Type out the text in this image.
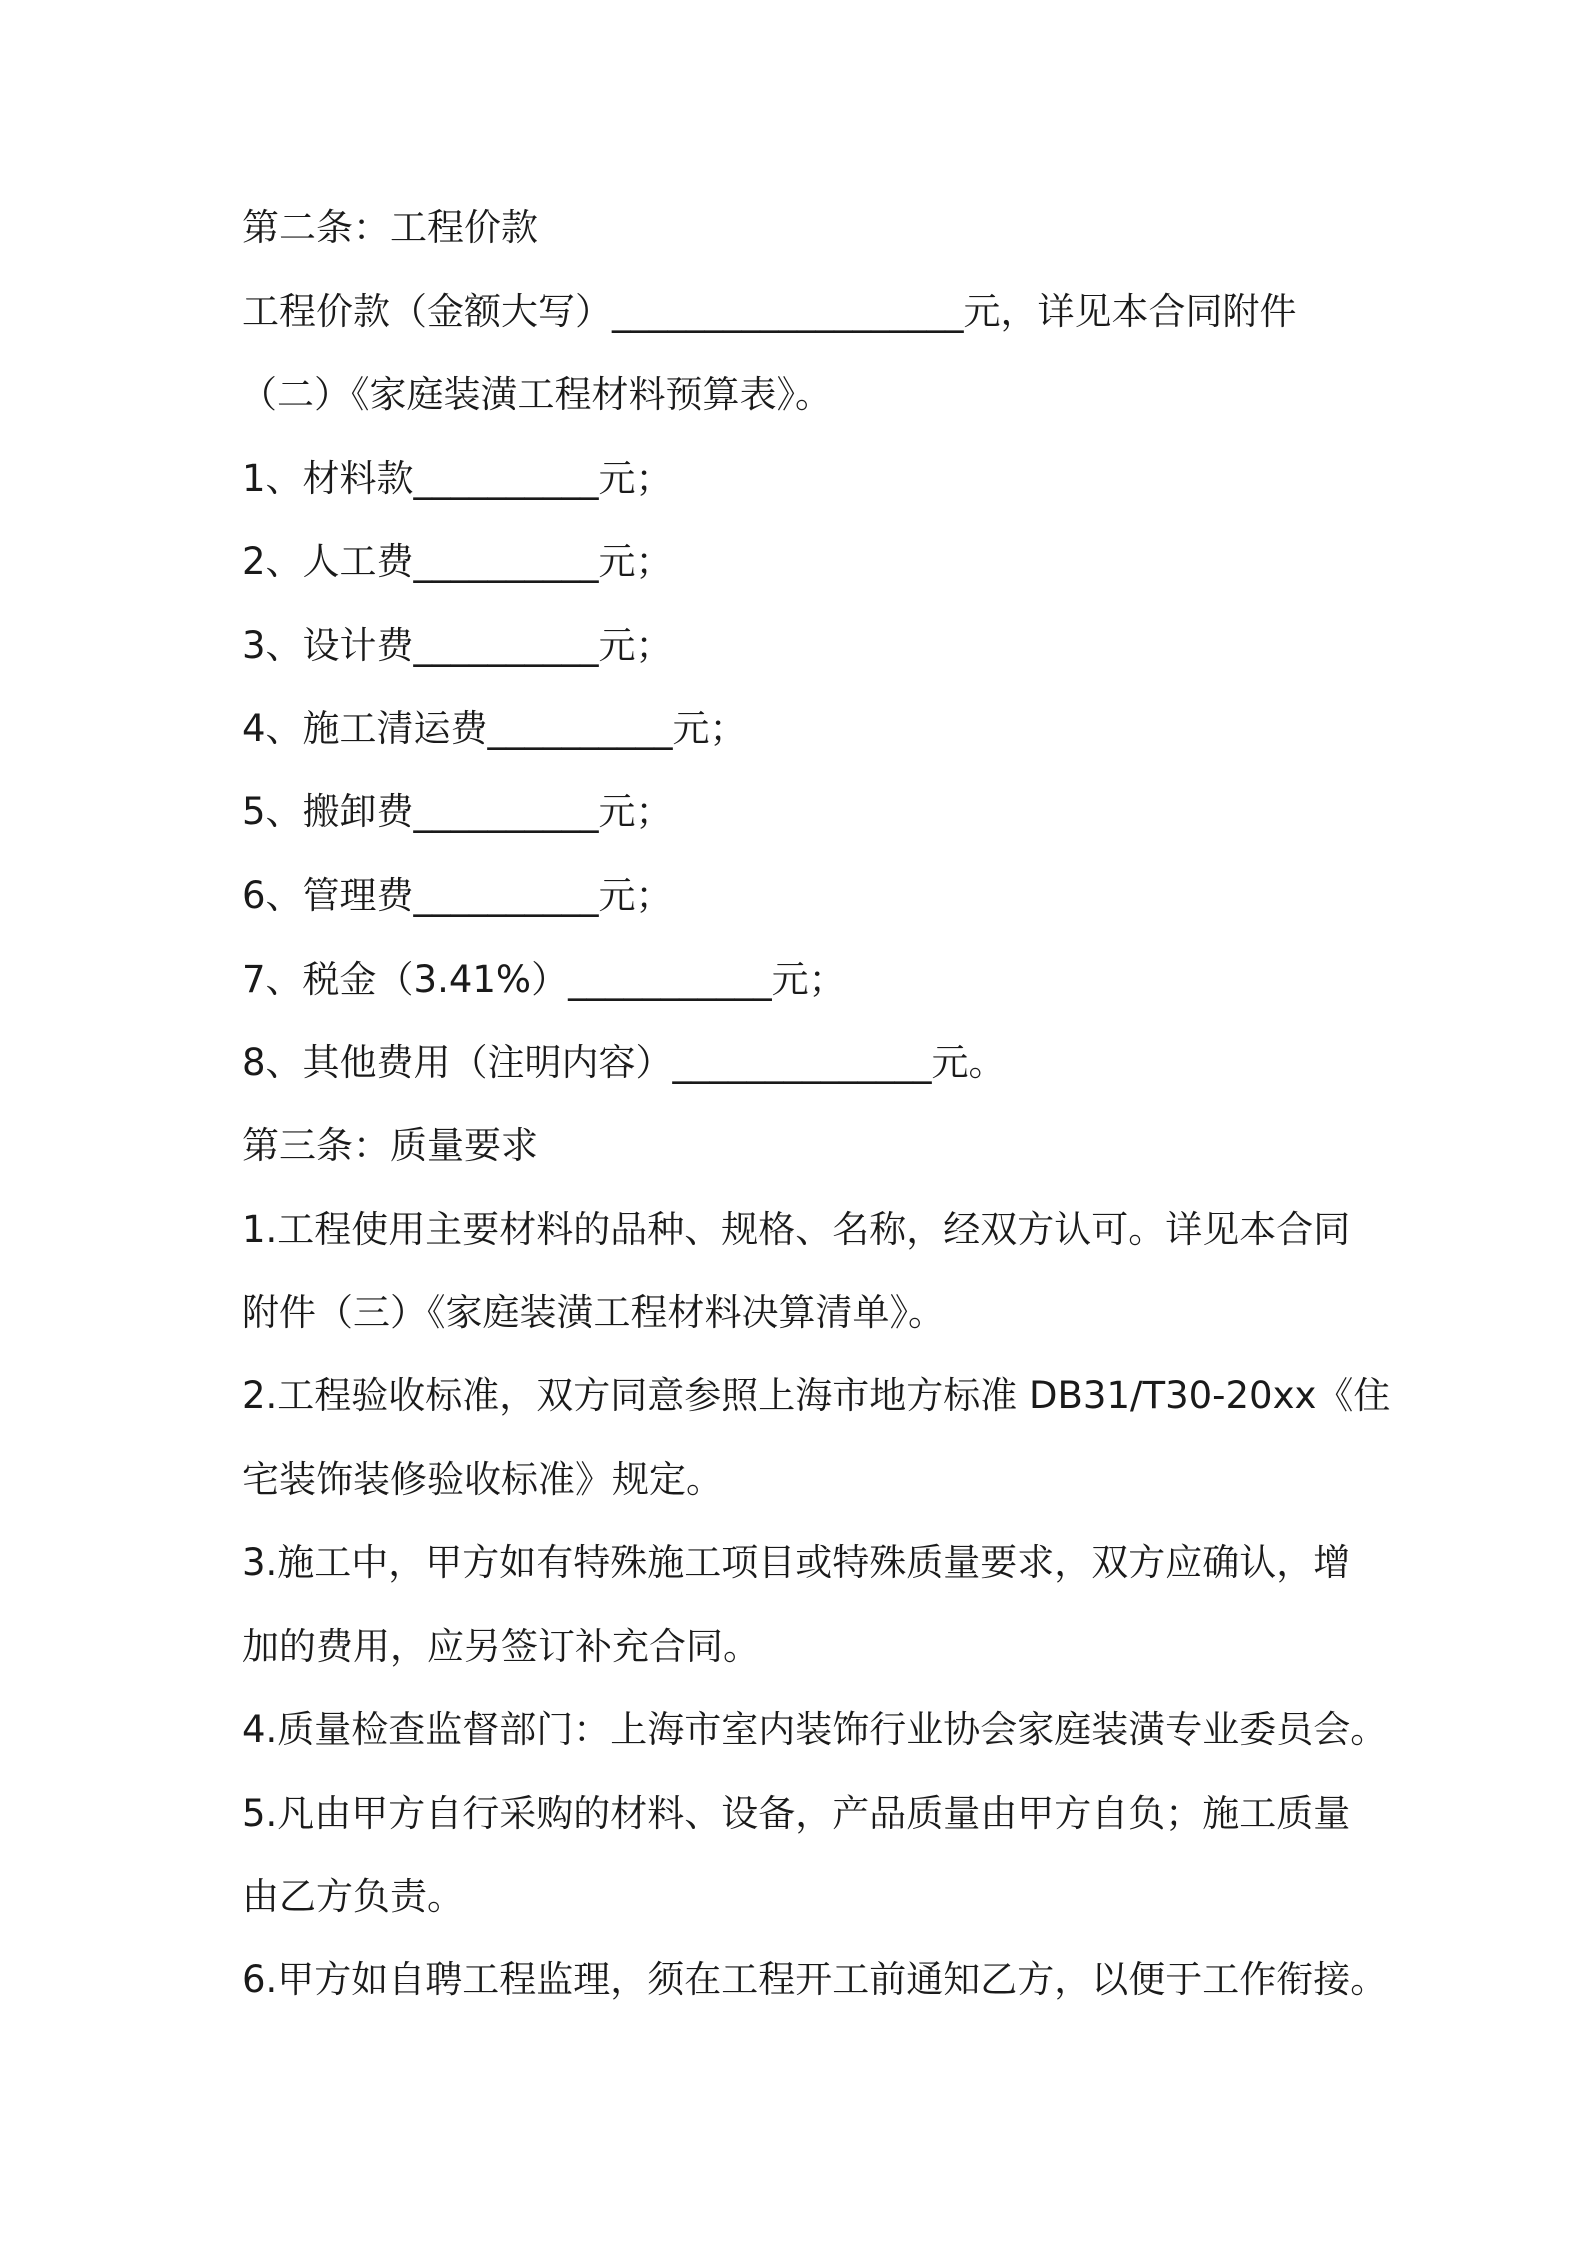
第二条：工程价款
工程价款（金额大写）___________________元，详见本合同附件
（二）《家庭装潢工程材料预算表》。
1、材料款__________元；
2、人工费__________元；
3、设计费__________元；
4、施工清运费__________元；
5、搬卸费__________元；
6、管理费__________元；
7、税金（3.41%）___________元；
8、其他费用（注明内容）______________元。
第三条：质量要求
1.工程使用主要材料的品种、规格、名称，经双方认可。详见本合同
附件（三）《家庭装潢工程材料决算清单》。
2.工程验收标准，双方同意参照上海市地方标准 DB31/T30-20xx《住
宅装饰装修验收标准》规定。
3.施工中，甲方如有特殊施工项目或特殊质量要求，双方应确认，增
加的费用，应另签订补充合同。
4.质量检查监督部门：上海市室内装饰行业协会家庭装潢专业委员会。
5.凡由甲方自行采购的材料、设备，产品质量由甲方自负；施工质量
由乙方负责。
6.甲方如自聘工程监理，须在工程开工前通知乙方，以便于工作衔接。
